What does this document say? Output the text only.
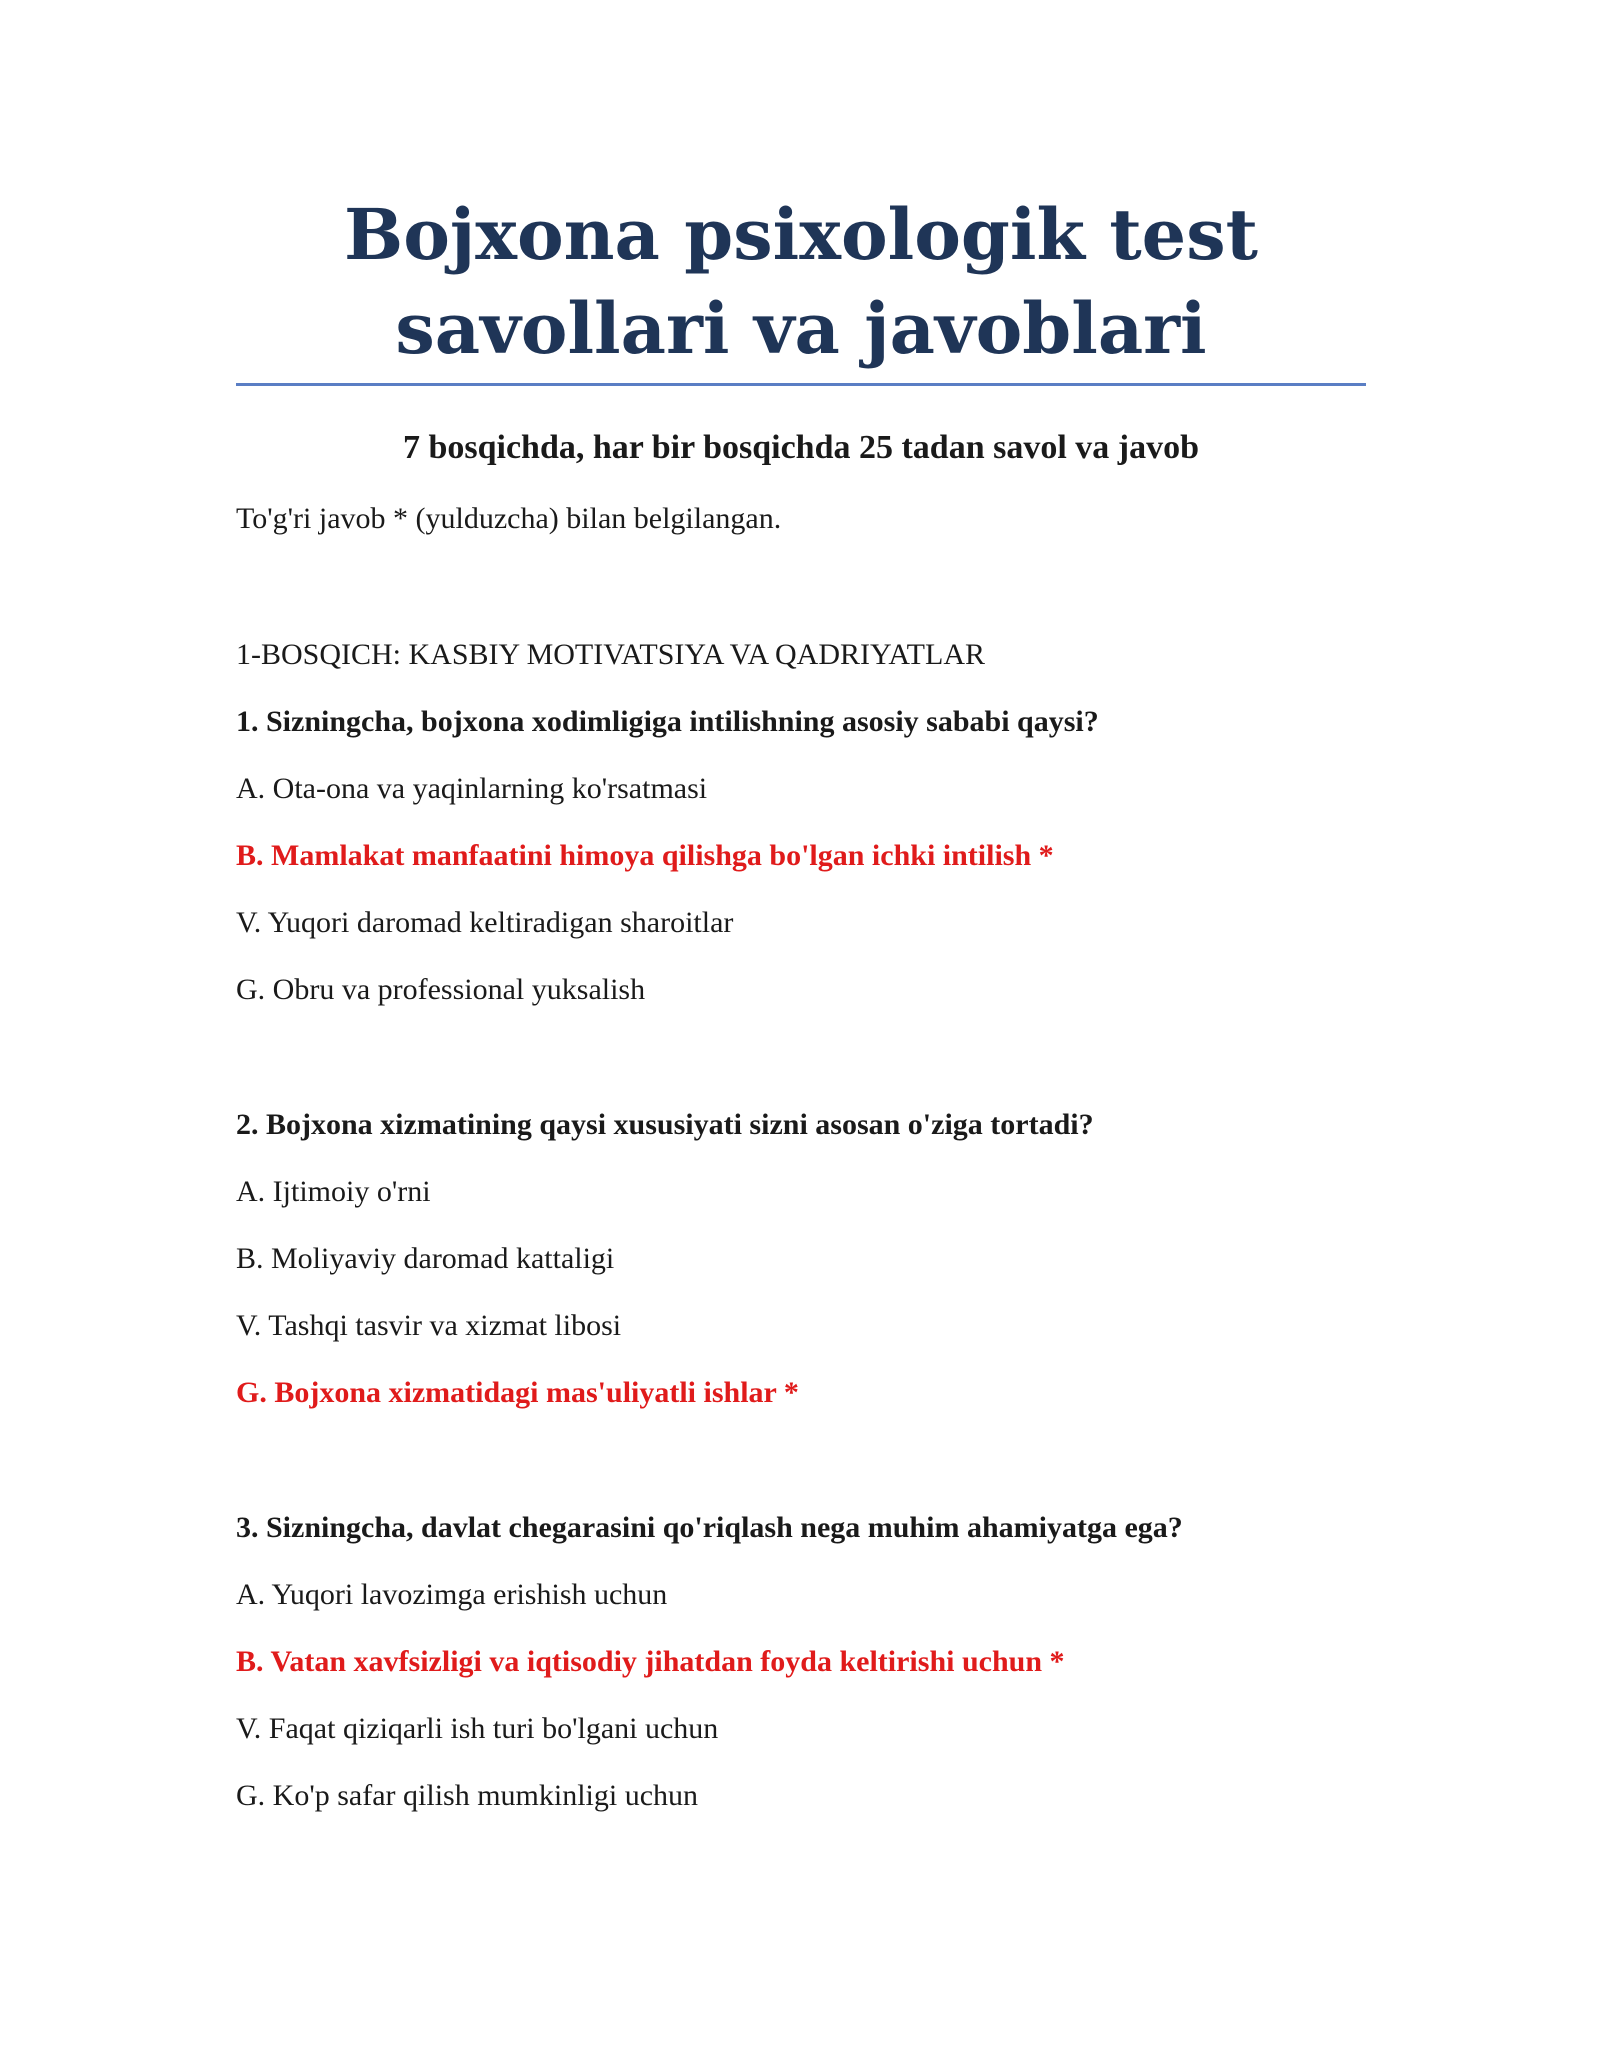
Bojxona psixologik test
savollari va javoblari

7 bosqichda, har bir bosqichda 25 tadan savol va javob

To'g'ri javob * (yulduzcha) bilan belgilangan.

1-BOSQICH: KASBIY MOTIVATSIYA VA QADRIYATLAR

1. Sizningcha, bojxona xodimligiga intilishning asosiy sababi qaysi?

A. Ota-ona va yaqinlarning ko'rsatmasi

B. Mamlakat manfaatini himoya qilishga bo'lgan ichki intilish *

V. Yuqori daromad keltiradigan sharoitlar

G. Obru va professional yuksalish

2. Bojxona xizmatining qaysi xususiyati sizni asosan o'ziga tortadi?

A. Ijtimoiy o'rni

B. Moliyaviy daromad kattaligi

V. Tashqi tasvir va xizmat libosi

G. Bojxona xizmatidagi mas'uliyatli ishlar *

3. Sizningcha, davlat chegarasini qo'riqlash nega muhim ahamiyatga ega?

A. Yuqori lavozimga erishish uchun

B. Vatan xavfsizligi va iqtisodiy jihatdan foyda keltirishi uchun *

V. Faqat qiziqarli ish turi bo'lgani uchun

G. Ko'p safar qilish mumkinligi uchun
